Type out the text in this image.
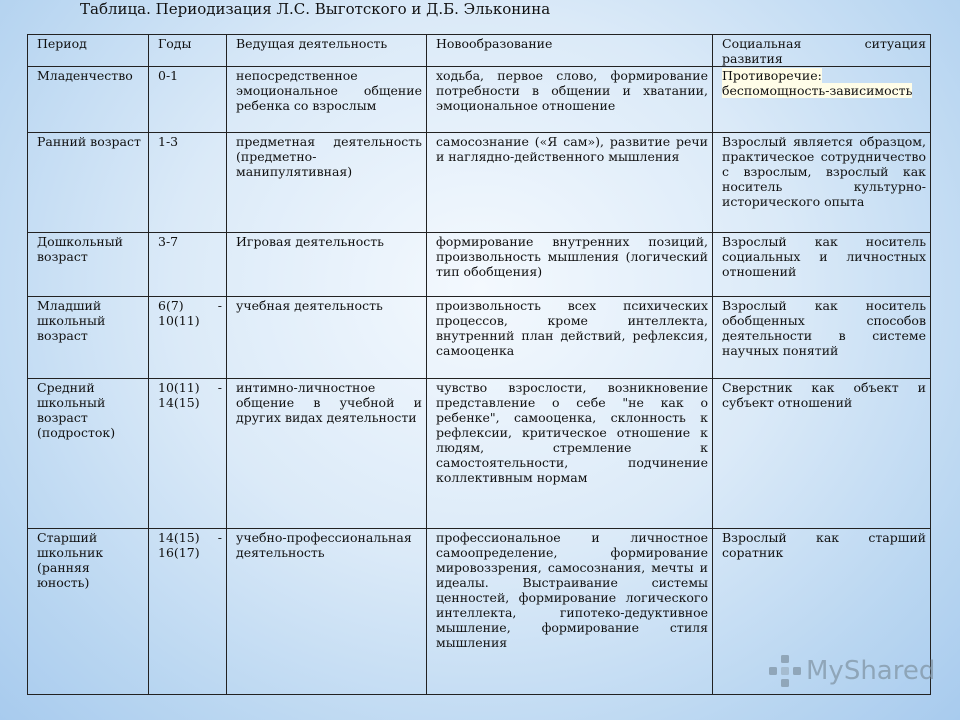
Таблица. Периодизация Л.С. Выготского и Д.Б. Эльконина
Период	Годы	Ведущая деятельность	Новообразование	Социальная ситуация развития
Младенчество	0-1	непосредственное эмоциональное общение ребенка со взрослым	ходьба, первое слово, формирование потребности в общении и хватании, эмоциональное отношение	Противоречие: беспомощность-зависимость
Ранний возраст	1-3	предметная деятельность (предметно-манипулятивная)	самосознание («Я сам»), развитие речи и наглядно-действенного мышления	Взрослый является образцом, практическое сотрудничество с взрослым, взрослый как носитель культурно-исторического опыта
Дошкольный возраст	3-7	Игровая деятельность	формирование внутренних позиций, произвольность мышления (логический тип обобщения)	Взрослый как носитель социальных и личностных отношений
Младший школьный возраст	6(7) - 10(11)	учебная деятельность	произвольность всех психических процессов, кроме интеллекта, внутренний план действий, рефлексия, самооценка	Взрослый как носитель обобщенных способов деятельности в системе научных понятий
Средний школьный возраст (подросток)	10(11) - 14(15)	интимно-личностное общение в учебной и других видах деятельности	чувство взрослости, возникновение представление о себе "не как о ребенке", самооценка, склонность к рефлексии, критическое отношение к людям, стремление к самостоятельности, подчинение коллективным нормам	Сверстник как объект и субъект отношений
Старший школьник (ранняя юность)	14(15) - 16(17)	учебно-профессиональная деятельность	профессиональное и личностное самоопределение, формирование мировоззрения, самосознания, мечты и идеалы. Выстраивание системы ценностей, формирование логического интеллекта, гипотеко-дедуктивное мышление, формирование стиля мышления	Взрослый как старший соратник
MyShared
